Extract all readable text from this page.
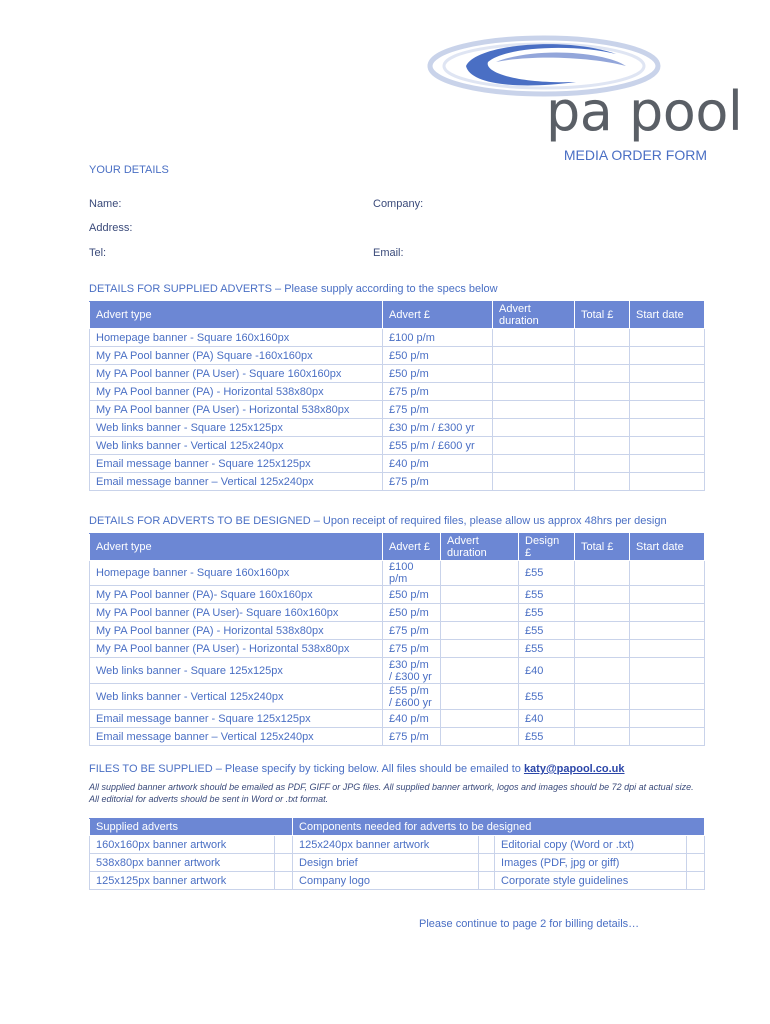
pa pool
MEDIA ORDER FORM
YOUR DETAILS
Name:	Company:
Address:
Tel:	Email:
DETAILS FOR SUPPLIED ADVERTS – Please supply according to the specs below
Advert type	Advert £	Advert duration	Total £	Start date
Homepage banner - Square 160x160px	£100 p/m			
My PA Pool banner (PA) Square -160x160px	£50 p/m			
My PA Pool banner (PA User) - Square 160x160px	£50 p/m			
My PA Pool banner (PA) - Horizontal 538x80px	£75 p/m			
My PA Pool banner (PA User) - Horizontal 538x80px	£75 p/m			
Web links banner - Square 125x125px	£30 p/m / £300 yr			
Web links banner - Vertical 125x240px	£55 p/m / £600 yr			
Email message banner - Square 125x125px	£40 p/m			
Email message banner – Vertical 125x240px	£75 p/m			
DETAILS FOR ADVERTS TO BE DESIGNED – Upon receipt of required files, please allow us approx 48hrs per design
Advert type	Advert £	Advert duration	Design £	Total £	Start date
Homepage banner - Square 160x160px	£100 p/m		£55		
My PA Pool banner (PA)- Square 160x160px	£50 p/m		£55		
My PA Pool banner (PA User)- Square 160x160px	£50 p/m		£55		
My PA Pool banner (PA) - Horizontal 538x80px	£75 p/m		£55		
My PA Pool banner (PA User) - Horizontal 538x80px	£75 p/m		£55		
Web links banner - Square 125x125px	£30 p/m / £300 yr		£40		
Web links banner - Vertical 125x240px	£55 p/m / £600 yr		£55		
Email message banner - Square 125x125px	£40 p/m		£40		
Email message banner – Vertical 125x240px	£75 p/m		£55		
FILES TO BE SUPPLIED – Please specify by ticking below. All files should be emailed to katy@papool.co.uk
All supplied banner artwork should be emailed as PDF, GIFF or JPG files. All supplied banner artwork, logos and images should be 72 dpi at actual size. All editorial for adverts should be sent in Word or .txt format.
Supplied adverts		Components needed for adverts to be designed			
160x160px banner artwork		125x240px banner artwork		Editorial copy (Word or .txt)	
538x80px banner artwork		Design brief		Images (PDF, jpg or giff)	
125x125px banner artwork		Company logo		Corporate style guidelines	
Please continue to page 2 for billing details…
